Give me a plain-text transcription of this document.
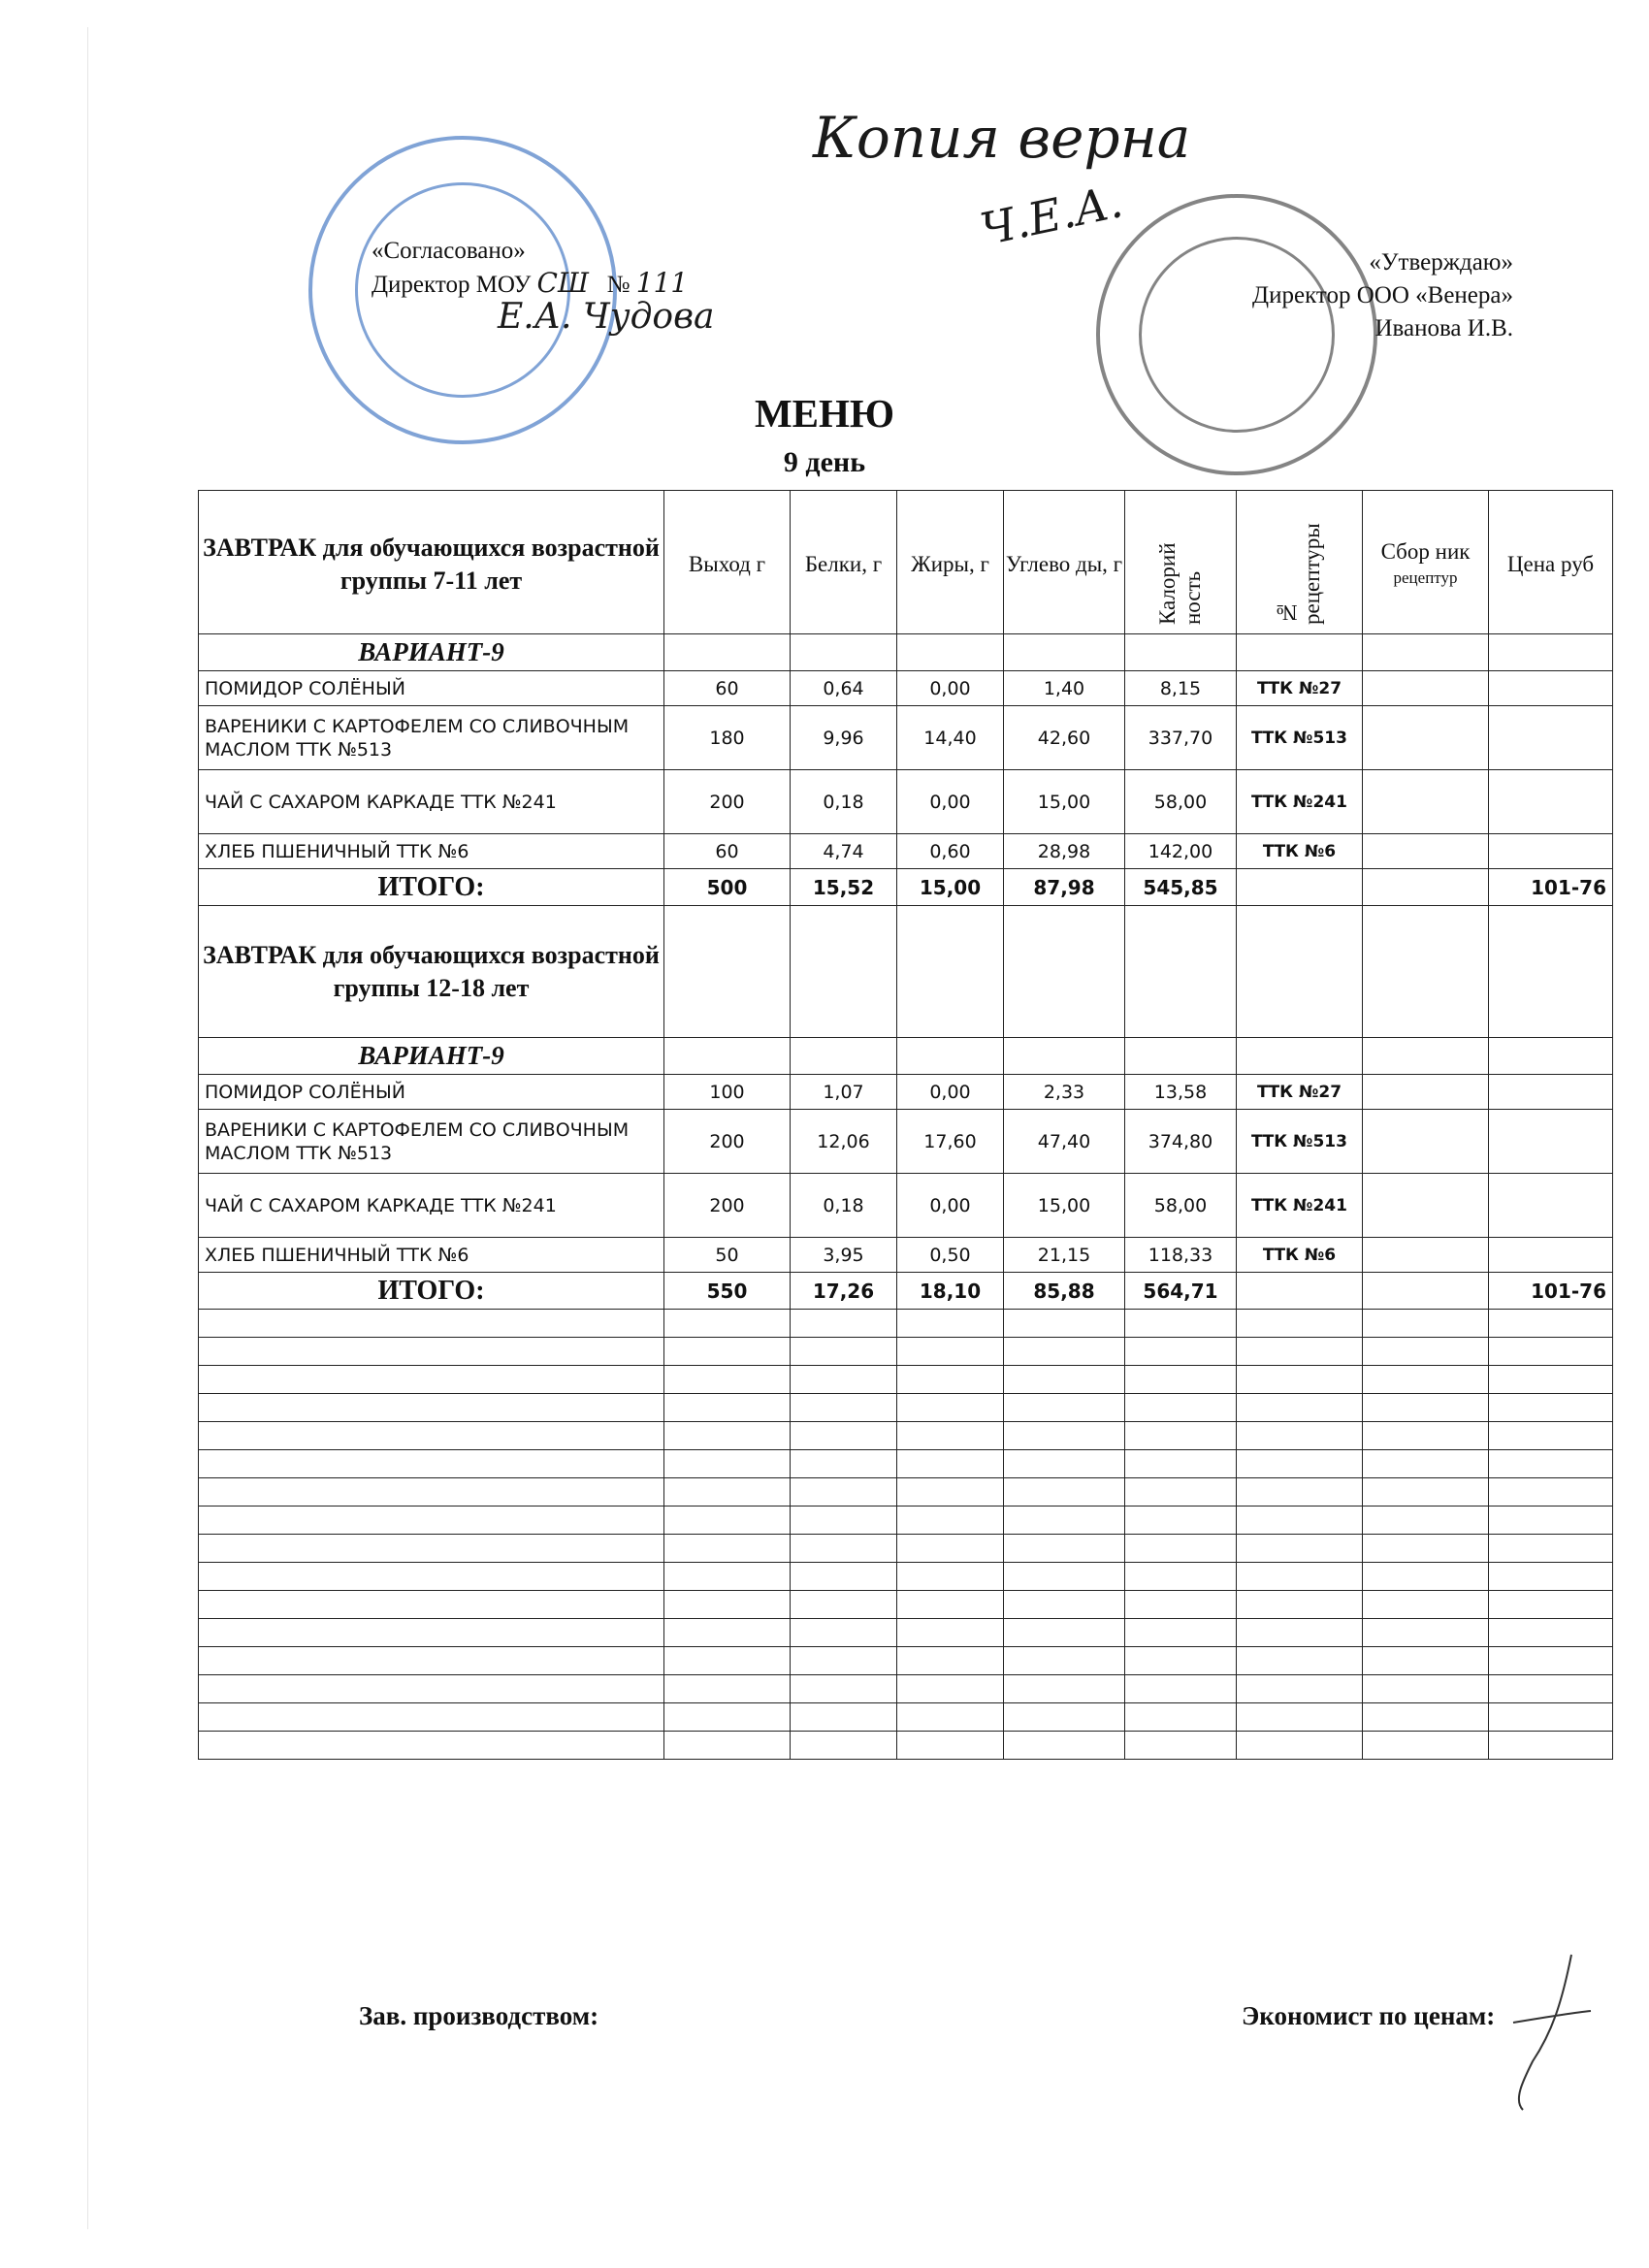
Копия верна
Ч.Е.А.
«Согласовано»
Директор МОУ СШ № 111
Е.А. Чудова
«Утверждаю»
Директор ООО «Венера»
Иванова И.В.
МЕНЮ
9 день
ЗАВТРАК для обучающихся возрастной группы 7-11 лет	Выход г	Белки, г	Жиры, г	Углево ды, г	Калорий ность	№ рецептуры	Сбор ник
рецептур	Цена руб
ВАРИАНТ-9								
ПОМИДОР СОЛЁНЫЙ	60	0,64	0,00	1,40	8,15	ТТК №27		
ВАРЕНИКИ С КАРТОФЕЛЕМ СО СЛИВОЧНЫМ МАСЛОМ ТТК №513	180	9,96	14,40	42,60	337,70	ТТК №513		
ЧАЙ С САХАРОМ КАРКАДЕ ТТК №241	200	0,18	0,00	15,00	58,00	ТТК №241		
ХЛЕБ ПШЕНИЧНЫЙ ТТК №6	60	4,74	0,60	28,98	142,00	ТТК №6		
ИТОГО:	500	15,52	15,00	87,98	545,85			101-76
ЗАВТРАК для обучающихся возрастной группы 12-18 лет								
ВАРИАНТ-9								
ПОМИДОР СОЛЁНЫЙ	100	1,07	0,00	2,33	13,58	ТТК №27		
ВАРЕНИКИ С КАРТОФЕЛЕМ СО СЛИВОЧНЫМ МАСЛОМ ТТК №513	200	12,06	17,60	47,40	374,80	ТТК №513		
ЧАЙ С САХАРОМ КАРКАДЕ ТТК №241	200	0,18	0,00	15,00	58,00	ТТК №241		
ХЛЕБ ПШЕНИЧНЫЙ ТТК №6	50	3,95	0,50	21,15	118,33	ТТК №6		
ИТОГО:	550	17,26	18,10	85,88	564,71			101-76

Зав. производством:	Экономист по ценам:
